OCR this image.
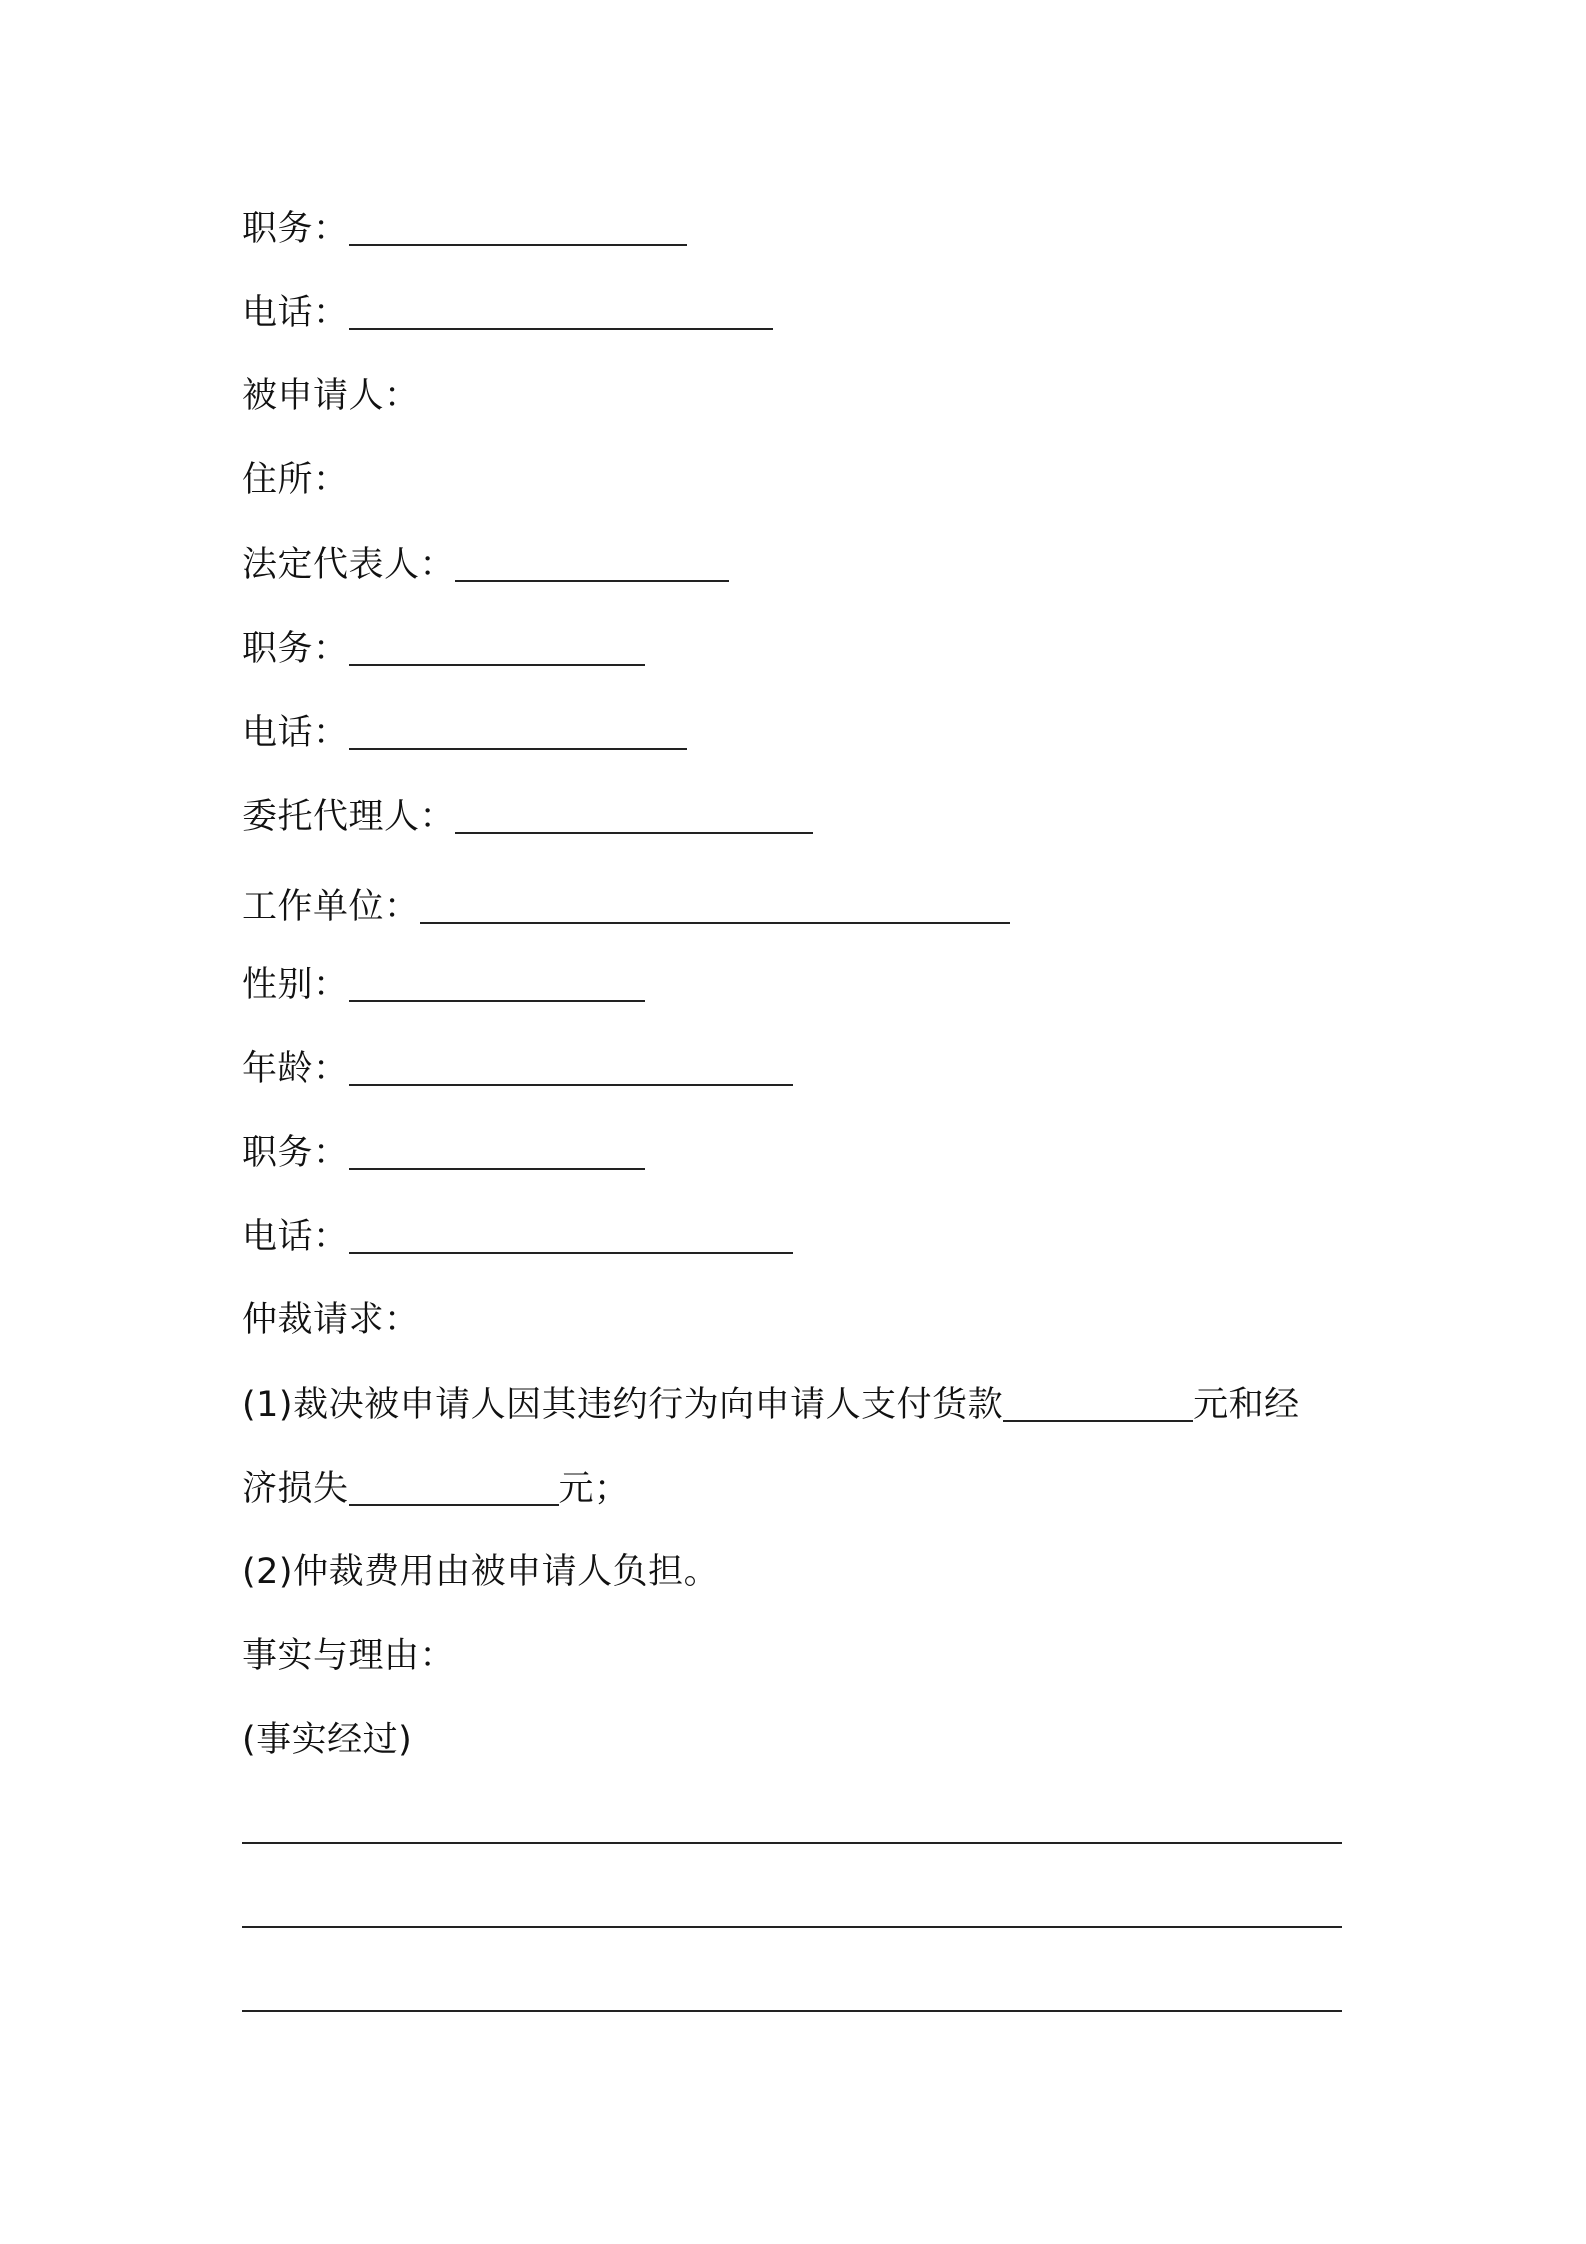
职务：
电话：
被申请人：
住所：
法定代表人：
职务：
电话：
委托代理人：
工作单位：
性别：
年龄：
职务：
电话：
仲裁请求：
(1)裁决被申请人因其违约行为向申请人支付货款	元和经
济损失	元；
(2)仲裁费用由被申请人负担。
事实与理由：
(事实经过)
